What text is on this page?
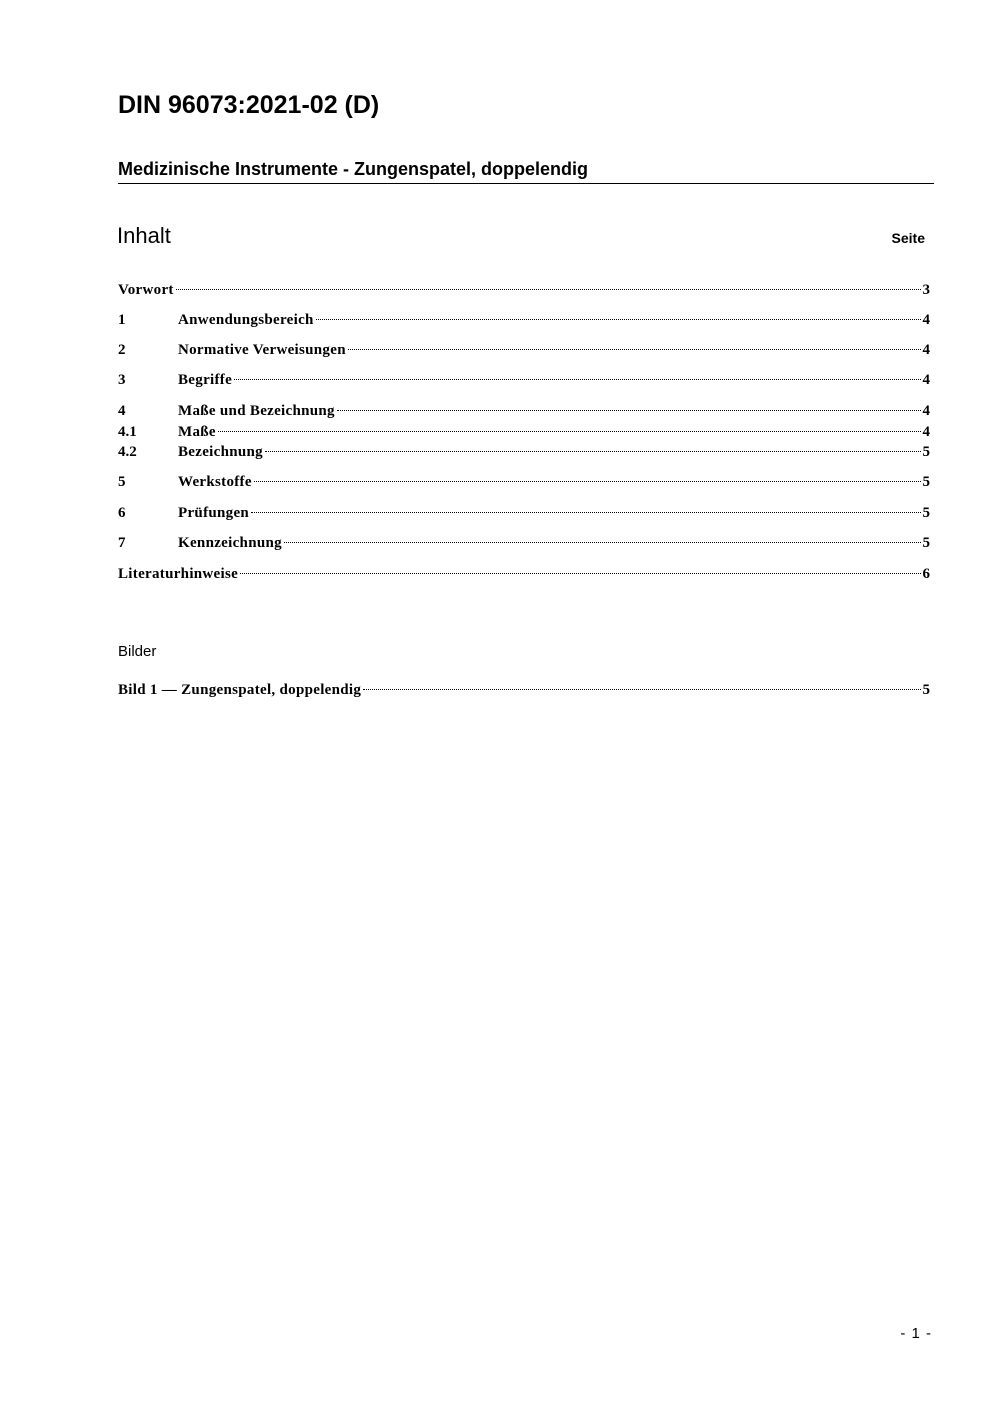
DIN 96073:2021-02 (D)
Medizinische Instrumente - Zungenspatel, doppelendig
Inhalt	Seite
Vorwort	3
1	Anwendungsbereich	4
2	Normative Verweisungen	4
3	Begriffe	4
4	Maße und Bezeichnung	4
4.1	Maße	4
4.2	Bezeichnung	5
5	Werkstoffe	5
6	Prüfungen	5
7	Kennzeichnung	5
Literaturhinweise	6
Bilder
Bild 1 — Zungenspatel, doppelendig	5
- 1 -
